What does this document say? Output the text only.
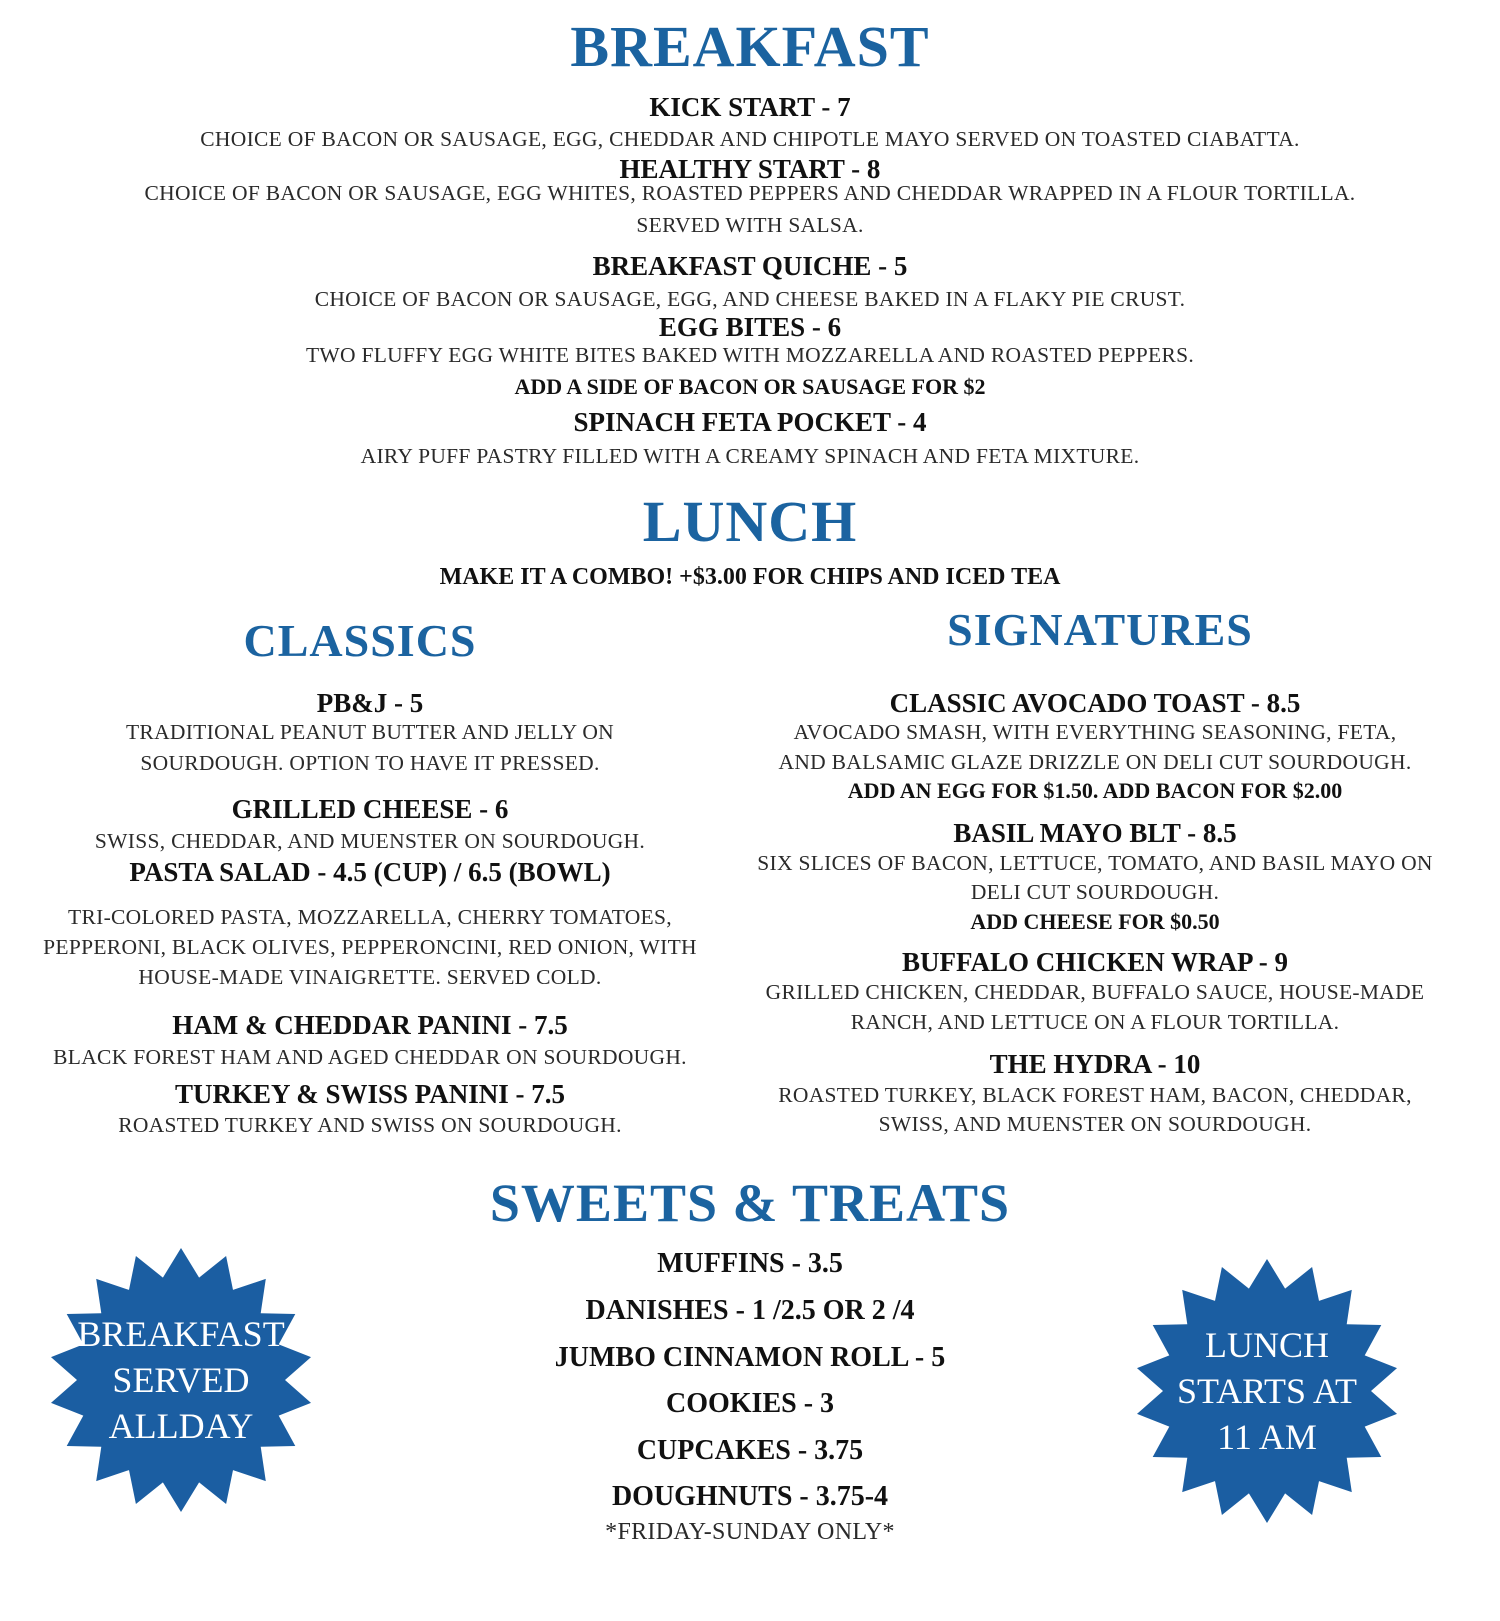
BREAKFAST
KICK START - 7
CHOICE OF BACON OR SAUSAGE, EGG, CHEDDAR AND CHIPOTLE MAYO SERVED ON TOASTED CIABATTA.
HEALTHY START - 8
CHOICE OF BACON OR SAUSAGE, EGG WHITES, ROASTED PEPPERS AND CHEDDAR WRAPPED IN A FLOUR TORTILLA.
SERVED WITH SALSA.
BREAKFAST QUICHE - 5
CHOICE OF BACON OR SAUSAGE, EGG, AND CHEESE BAKED IN A FLAKY PIE CRUST.
EGG BITES - 6
TWO FLUFFY EGG WHITE BITES BAKED WITH MOZZARELLA AND ROASTED PEPPERS.
ADD A SIDE OF BACON OR SAUSAGE FOR $2
SPINACH FETA POCKET - 4
AIRY PUFF PASTRY FILLED WITH A CREAMY SPINACH AND FETA MIXTURE.
LUNCH
MAKE IT A COMBO! +$3.00 FOR CHIPS AND ICED TEA
CLASSICS
PB&J - 5
TRADITIONAL PEANUT BUTTER AND JELLY ON
SOURDOUGH. OPTION TO HAVE IT PRESSED.
GRILLED CHEESE - 6
SWISS, CHEDDAR, AND MUENSTER ON SOURDOUGH.
PASTA SALAD - 4.5 (CUP) / 6.5 (BOWL)
TRI-COLORED PASTA, MOZZARELLA, CHERRY TOMATOES,
PEPPERONI, BLACK OLIVES, PEPPERONCINI, RED ONION, WITH
HOUSE-MADE VINAIGRETTE. SERVED COLD.
HAM & CHEDDAR PANINI - 7.5
BLACK FOREST HAM AND AGED CHEDDAR ON SOURDOUGH.
TURKEY & SWISS PANINI - 7.5
ROASTED TURKEY AND SWISS ON SOURDOUGH.
SIGNATURES
CLASSIC AVOCADO TOAST - 8.5
AVOCADO SMASH, WITH EVERYTHING SEASONING, FETA,
AND BALSAMIC GLAZE DRIZZLE ON DELI CUT SOURDOUGH.
ADD AN EGG FOR $1.50. ADD BACON FOR $2.00
BASIL MAYO BLT - 8.5
SIX SLICES OF BACON, LETTUCE, TOMATO, AND BASIL MAYO ON
DELI CUT SOURDOUGH.
ADD CHEESE FOR $0.50
BUFFALO CHICKEN WRAP - 9
GRILLED CHICKEN, CHEDDAR, BUFFALO SAUCE, HOUSE-MADE
RANCH, AND LETTUCE ON A FLOUR TORTILLA.
THE HYDRA - 10
ROASTED TURKEY, BLACK FOREST HAM, BACON, CHEDDAR,
SWISS, AND MUENSTER ON SOURDOUGH.
SWEETS & TREATS
MUFFINS - 3.5
DANISHES - 1 /2.5 OR 2 /4
JUMBO CINNAMON ROLL - 5
COOKIES - 3
CUPCAKES - 3.75
DOUGHNUTS - 3.75-4
*FRIDAY-SUNDAY ONLY*
BREAKFAST
SERVED
ALLDAY
LUNCH
STARTS AT
11 AM
